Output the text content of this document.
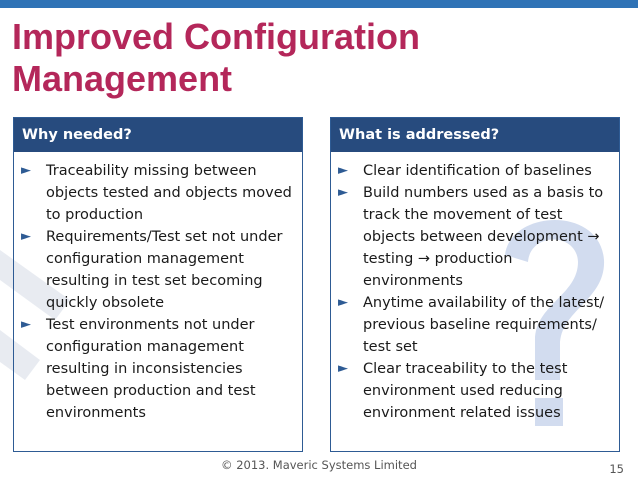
Improved Configuration Management
Why needed?
►	Traceability missing between objects tested and objects moved to production
►	Requirements/Test set not under configuration management resulting in test set becoming quickly obsolete
►	Test environments not under configuration management resulting in inconsistencies between production and test environments
What is addressed?
►	Clear identification of baselines
►	Build numbers used as a basis to track the movement of test objects between development → testing → production environments
►	Anytime availability of the latest/ previous baseline requirements/ test set
►	Clear traceability to the test environment used reducing environment related issues
© 2013. Maveric Systems Limited	15
